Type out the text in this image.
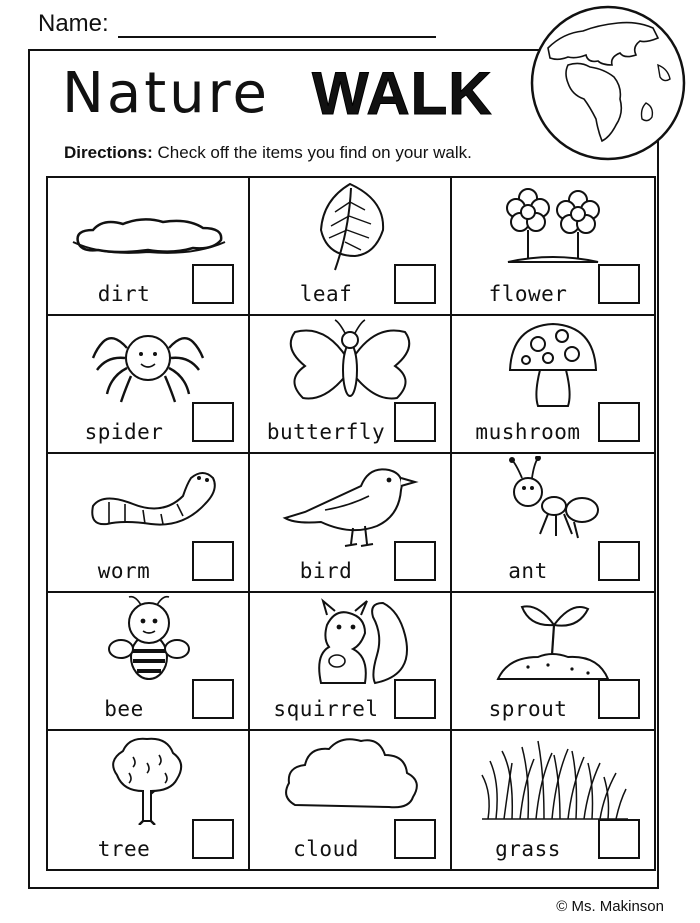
Name:
Nature WALK
Directions: Check off the items you find on your walk.
dirt	leaf	flower
spider	butterfly	mushroom
worm	bird	ant
bee	squirrel	sprout
tree	cloud	grass
© Ms. Makinson
